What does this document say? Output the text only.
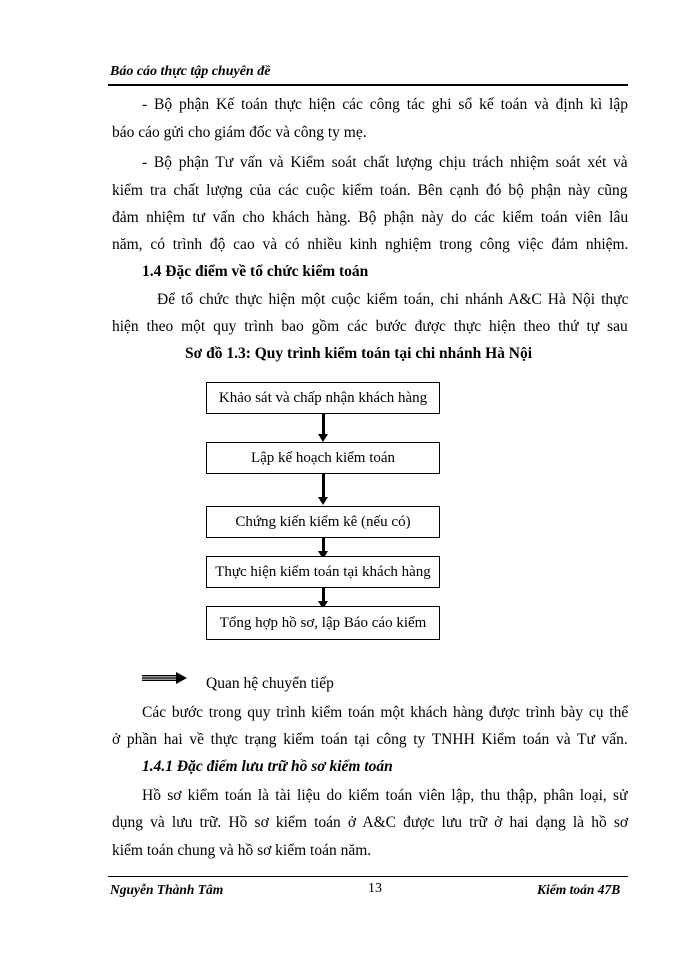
Báo cáo thực tập chuyên đề
- Bộ phận Kế toán thực hiện các công tác ghi sổ kế toán và định kì lập
báo cáo gửi cho giám đốc và công ty mẹ.
- Bộ phận Tư vấn và Kiểm soát chất lượng chịu trách nhiệm soát xét và
kiểm tra chất lượng của các cuộc kiểm toán. Bên cạnh đó bộ phận này cũng
đảm nhiệm tư vấn cho khách hàng. Bộ phận này do các kiểm toán viên lâu
năm, có trình độ cao và có nhiều kinh nghiệm trong công việc đảm nhiệm.
1.4 Đặc điểm về tổ chức kiểm toán
Để tổ chức thực hiện một cuộc kiểm toán, chi nhánh A&C Hà Nội thực
hiện theo một quy trình bao gồm các bước được thực hiện theo thứ tự sau
Sơ đồ 1.3: Quy trình kiểm toán tại chi nhánh Hà Nội
Khảo sát và chấp nhận khách hàng
Lập kế hoạch kiểm toán
Chứng kiến kiểm kê (nếu có)
Thực hiện kiểm toán tại khách hàng
Tổng hợp hồ sơ, lập Báo cáo kiểm
Quan hệ chuyển tiếp
Các bước trong quy trình kiểm toán một khách hàng được trình bày cụ thể
ở phần hai về thực trạng kiểm toán tại công ty TNHH Kiểm toán và Tư vấn.
1.4.1 Đặc điểm lưu trữ hồ sơ kiểm toán
Hồ sơ kiểm toán là tài liệu do kiểm toán viên lập, thu thập, phân loại, sử
dụng và lưu trữ. Hồ sơ kiểm toán ở A&C được lưu trữ ở hai dạng là hồ sơ
kiểm toán chung và hồ sơ kiểm toán năm.
Nguyễn Thành Tâm	13	Kiểm toán 47B
